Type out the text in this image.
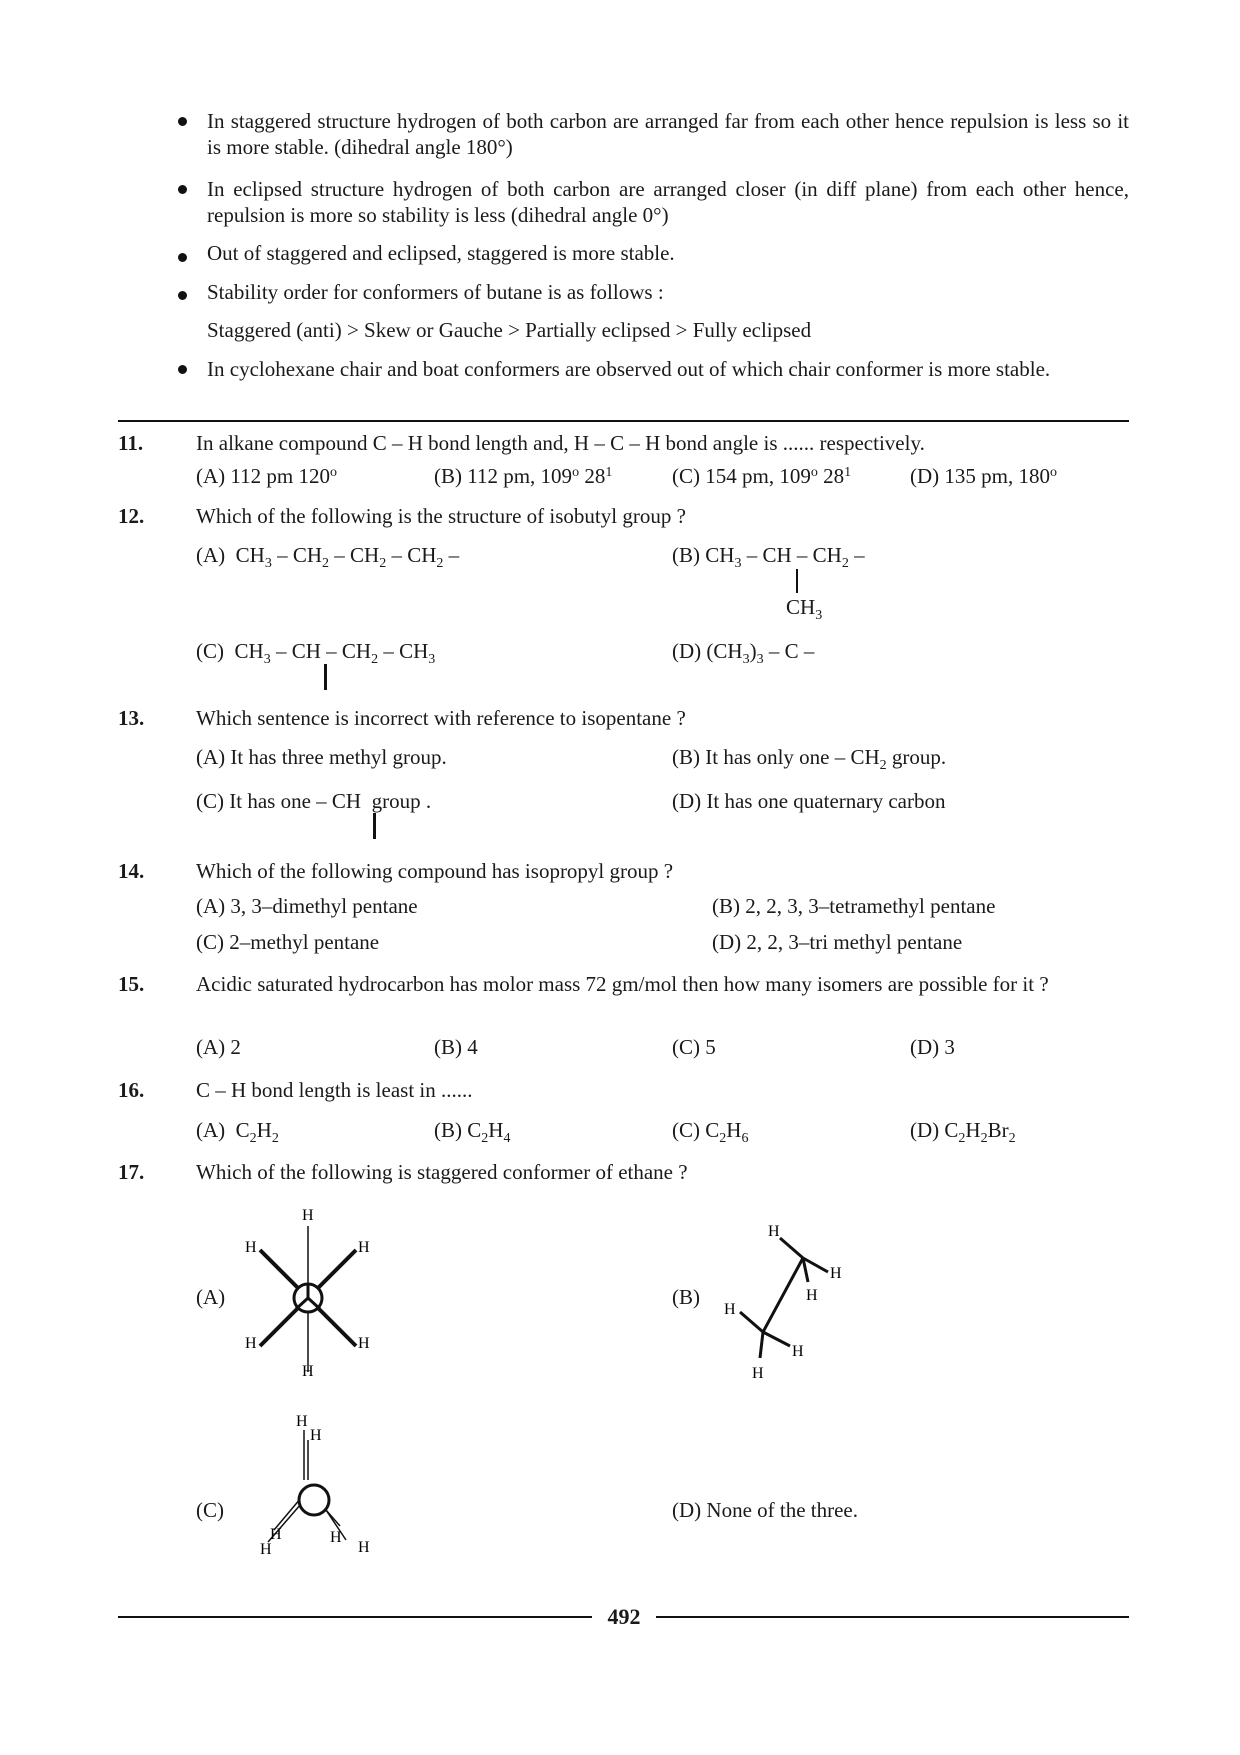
In staggered structure hydrogen of both carbon are arranged far from each other hence repulsion is less so it is more stable. (dihedral angle 180°)
In eclipsed structure hydrogen of both carbon are arranged closer (in diff plane) from each other hence, repulsion is more so stability is less (dihedral angle 0°)
Out of staggered and eclipsed, staggered is more stable.
Stability order for conformers of butane is as follows :
Staggered (anti) > Skew or Gauche > Partially eclipsed > Fully eclipsed
In cyclohexane chair and boat conformers are observed out of which chair conformer is more stable.
11.	In alkane compound C – H bond length and, H – C – H bond angle is ...... respectively.
(A) 112 pm 120$^o$	(B) 112 pm, 109$^o$ $28^1$	(C) 154 pm, 109$^o$ $28^1$	(D) 135 pm, 180$^o$
12. Which of the following is the structure of isobutyl group ?
(A) $CH_3 - CH_2 - CH_2 - CH_2$ –	(B) $CH_3$ – CH – $CH_2$ –
$CH_3$
(C) $CH_3$ – CH – $CH_2 - CH_3$	(D) $(CH_3)_3$ – C –
13. Which sentence is incorrect with reference to isopentane ?
(A) It has three methyl group.	(B) It has only one – $CH_2$ group.
(C) It has one – CH group .	(D) It has one quaternary carbon
14. Which of the following compound has isopropyl group ?
(A) 3, 3–dimethyl pentane	(B) 2, 2, 3, 3–tetramethyl pentane
(C) 2–methyl pentane	(D) 2, 2, 3–tri methyl pentane
15. Acidic saturated hydrocarbon has molor mass 72 gm/mol then how many isomers are possible for it ?
(A) 2	(B) 4	(C) 5	(D) 3
16. C – H bond length is least in ......
(A) $C_2H_2$	(B) $C_2H_4$	(C) $C_2H_6$	(D) $C_2H_2Br_2$
17. Which of the following is staggered conformer of ethane ?
(A)
H
H	H
H	H
H
(B)
H
H
H
H
H
H
(C)
H
H
H
H
H
H
(D) None of the three.
492
